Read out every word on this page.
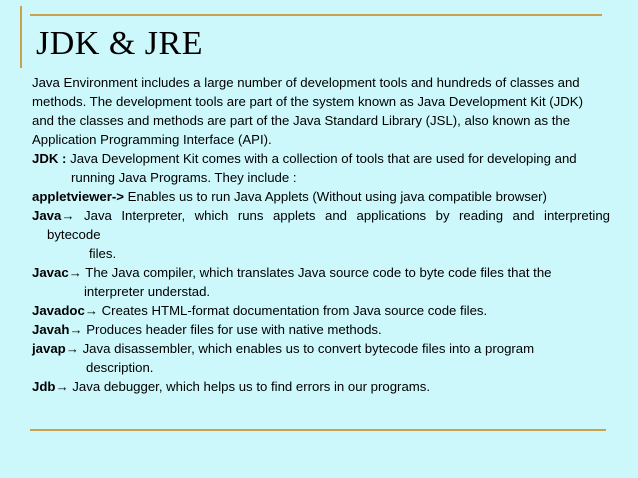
JDK & JRE
Java Environment includes a large number of development tools and hundreds of classes and
methods. The development tools are part of the system known as Java Development Kit (JDK)
and the classes and methods are part of the Java Standard Library (JSL), also known as the
Application Programming Interface (API).
JDK : Java Development Kit comes with a collection of tools that are used for developing and
running Java Programs. They include :
appletviewer-> Enables us to run Java Applets (Without using java compatible browser)
Java→ Java Interpreter, which runs applets and applications by reading and interpreting
bytecode
files.
Javac→ The Java compiler, which translates Java source code to byte code files that the
interpreter understad.
Javadoc→ Creates HTML-format documentation from Java source code files.
Javah→ Produces header files for use with native methods.
javap→ Java disassembler, which enables us to convert bytecode files into a program
description.
Jdb→ Java debugger, which helps us to find errors in our programs.
